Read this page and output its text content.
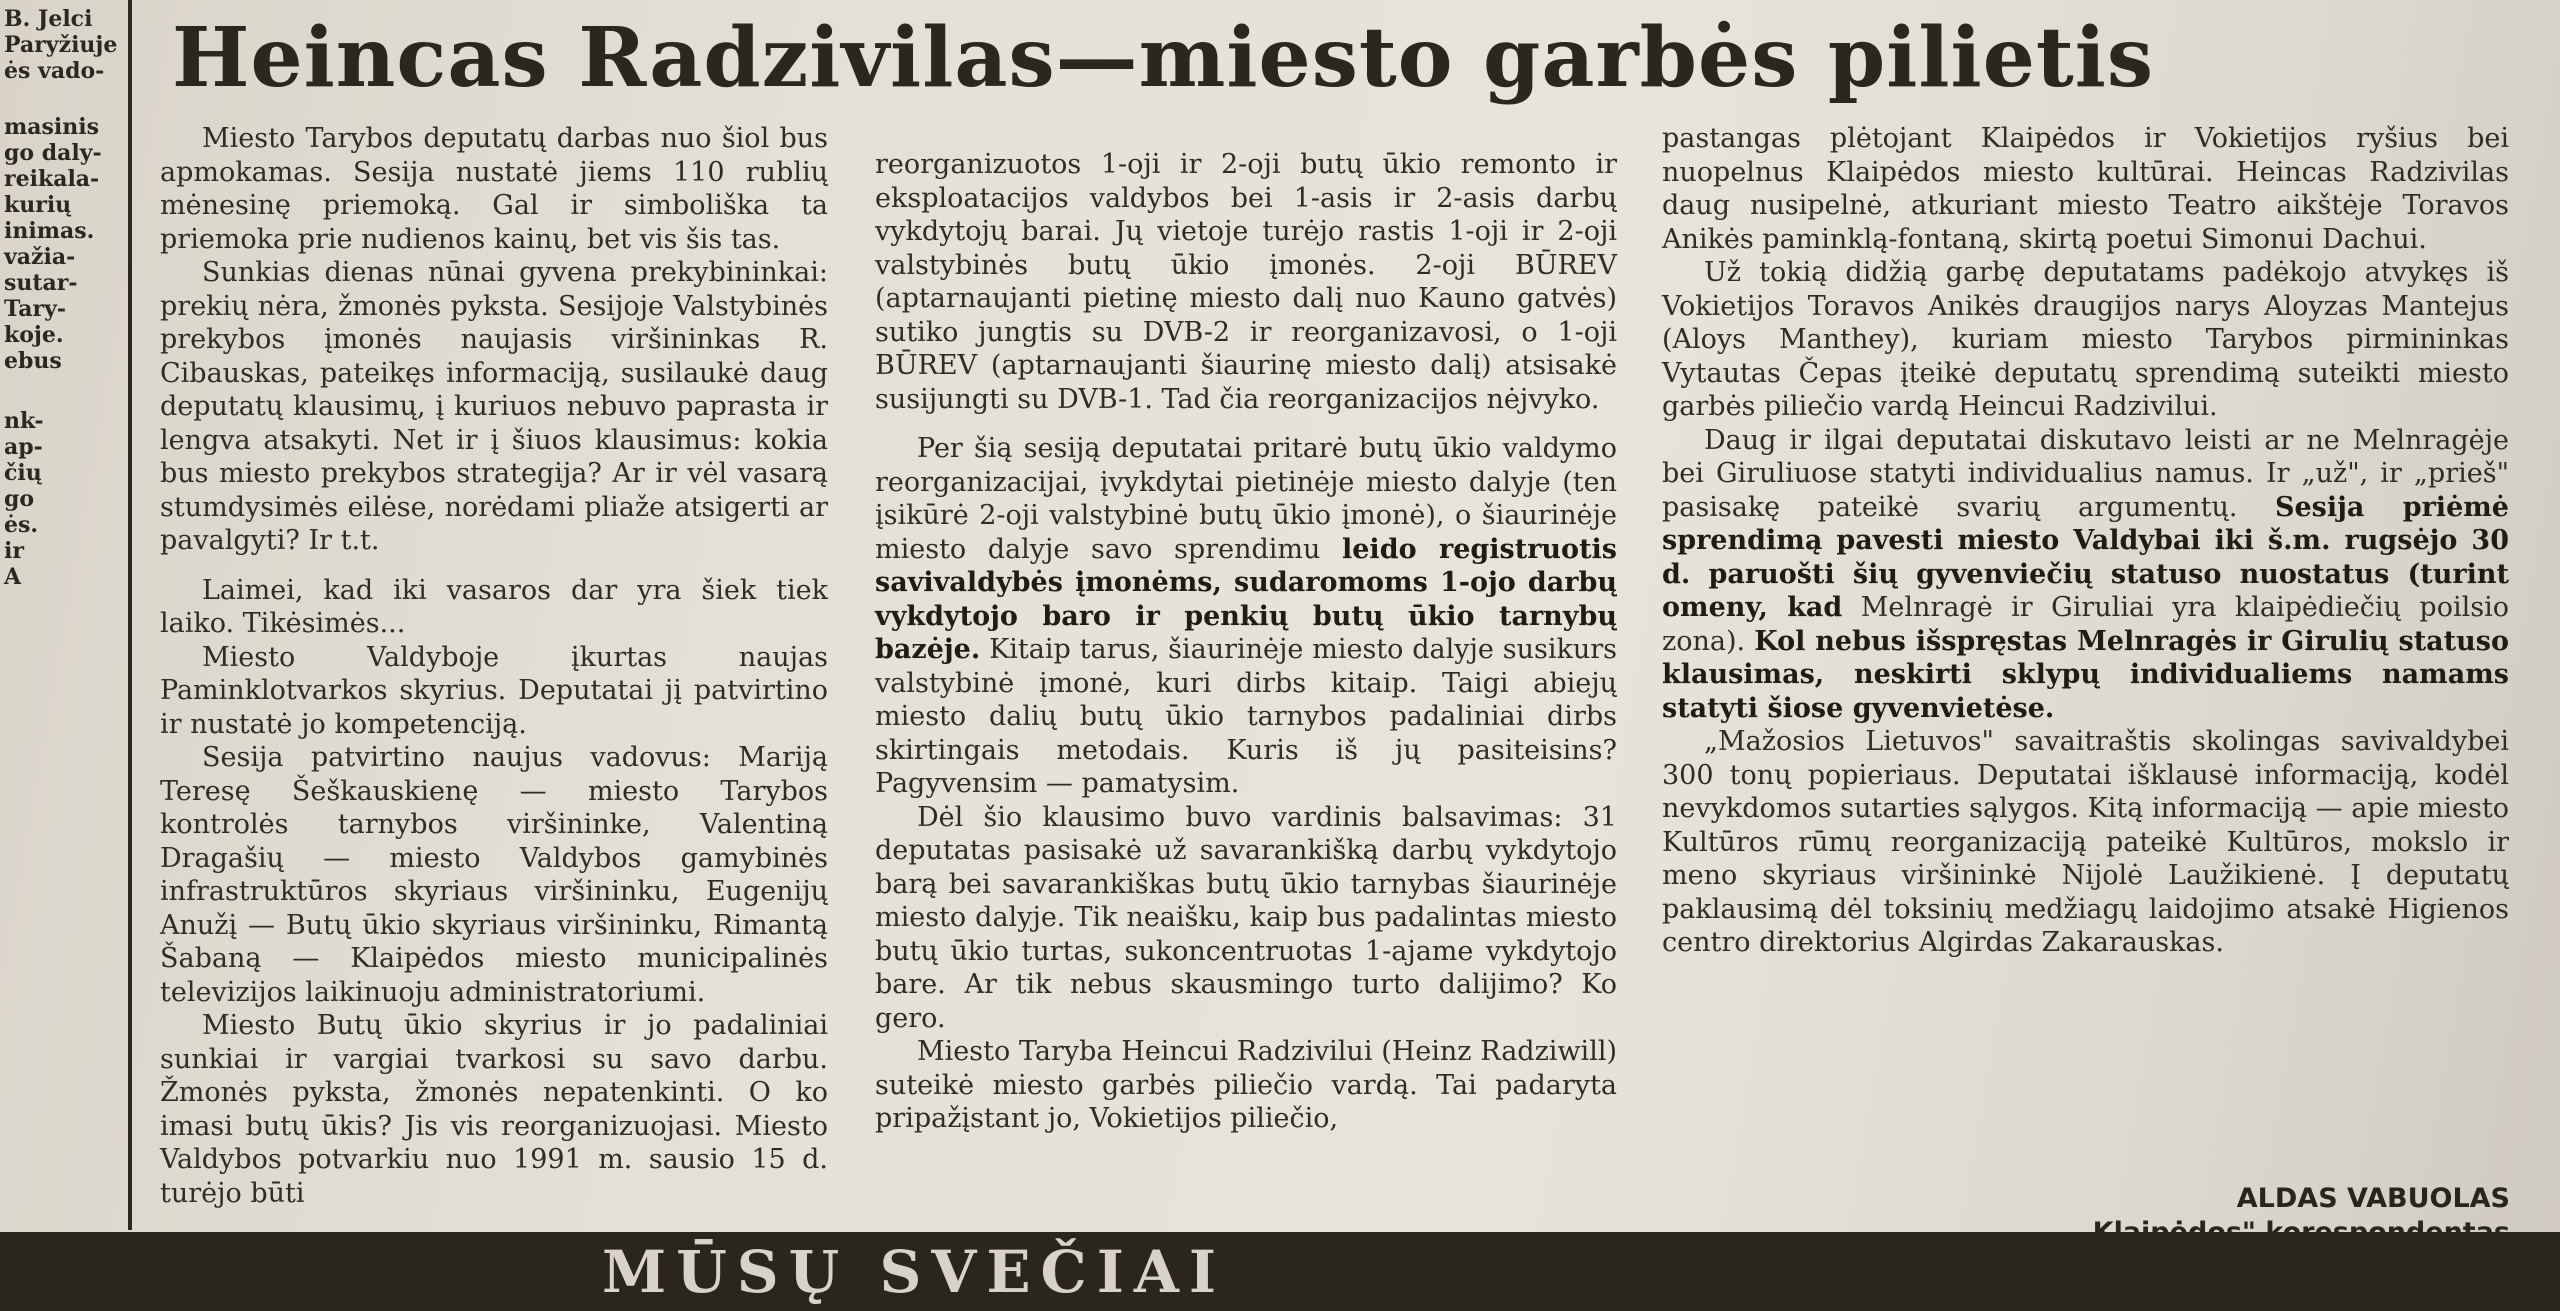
B. Jelci
Paryžiuje
ės vado-
masinis
go daly-
reikala-
kurių
inimas.
važia-
sutar-
Tary-
koje.
ebus
nk-
ap-
čių
go
ės.
ir
A
Heincas Radzivilas—miesto garbės pilietis

Miesto Tarybos deputatų darbas nuo šiol bus apmokamas. Sesija nustatė jiems 110 rublių mėnesinę priemoką. Gal ir simboliška ta priemoka prie nudienos kainų, bet vis šis tas.

Sunkias dienas nūnai gyvena prekybininkai: prekių nėra, žmonės pyksta. Sesijoje Valstybinės prekybos įmonės naujasis viršininkas R. Cibauskas, pateikęs informaciją, susilaukė daug deputatų klausimų, į kuriuos nebuvo paprasta ir lengva atsakyti. Net ir į šiuos klausimus: kokia bus miesto prekybos strategija? Ar ir vėl vasarą stumdysimės eilėse, norėdami pliaže atsigerti ar pavalgyti? Ir t.t.

Laimei, kad iki vasaros dar yra šiek tiek laiko. Tikėsimės...

Miesto Valdyboje įkurtas naujas Paminklotvarkos skyrius. Deputatai jį patvirtino ir nustatė jo kompetenciją.

Sesija patvirtino naujus vadovus: Mariją Teresę Šeškauskienę — miesto Tarybos kontrolės tarnybos viršininke, Valentiną Dragašių — miesto Valdybos gamybinės infrastruktūros skyriaus viršininku, Eugenijų Anužį — Butų ūkio skyriaus viršininku, Rimantą Šabaną — Klaipėdos miesto municipalinės televizijos laikinuoju administratoriumi.

Miesto Butų ūkio skyrius ir jo padaliniai sunkiai ir vargiai tvarkosi su savo darbu. Žmonės pyksta, žmonės nepatenkinti. O ko imasi butų ūkis? Jis vis reorganizuojasi. Miesto Valdybos potvarkiu nuo 1991 m. sausio 15 d. turėjo būti

reorganizuotos 1-oji ir 2-oji butų ūkio remonto ir eksploatacijos valdybos bei 1-asis ir 2-asis darbų vykdytojų barai. Jų vietoje turėjo rastis 1-oji ir 2-oji valstybinės butų ūkio įmonės. 2-oji BŪREV (aptarnaujanti pietinę miesto dalį nuo Kauno gatvės) sutiko jungtis su DVB-2 ir reorganizavosi, o 1-oji BŪREV (aptarnaujanti šiaurinę miesto dalį) atsisakė susijungti su DVB-1. Tad čia reorganizacijos nėjvyko.

Per šią sesiją deputatai pritarė butų ūkio valdymo reorganizacijai, įvykdytai pietinėje miesto dalyje (ten įsikūrė 2-oji valstybinė butų ūkio įmonė), o šiaurinėje miesto dalyje savo sprendimu leido registruotis savivaldybės įmonėms, sudaromoms 1-ojo darbų vykdytojo baro ir penkių butų ūkio tarnybų bazėje. Kitaip tarus, šiaurinėje miesto dalyje susikurs valstybinė įmonė, kuri dirbs kitaip. Taigi abiejų miesto dalių butų ūkio tarnybos padaliniai dirbs skirtingais metodais. Kuris iš jų pasiteisins? Pagyvensim — pamatysim.

Dėl šio klausimo buvo vardinis balsavimas: 31 deputatas pasisakė už savarankišką darbų vykdytojo barą bei savarankiškas butų ūkio tarnybas šiaurinėje miesto dalyje. Tik neaišku, kaip bus padalintas miesto butų ūkio turtas, sukoncentruotas 1-ajame vykdytojo bare. Ar tik nebus skausmingo turto dalijimo? Ko gero.

Miesto Taryba Heincui Radzivilui (Heinz Radziwill) suteikė miesto garbės piliečio vardą. Tai padaryta pripažįstant jo, Vokietijos piliečio,

pastangas plėtojant Klaipėdos ir Vokietijos ryšius bei nuopelnus Klaipėdos miesto kultūrai. Heincas Radzivilas daug nusipelnė, atkuriant miesto Teatro aikštėje Toravos Anikės paminklą-fontaną, skirtą poetui Simonui Dachui.

Už tokią didžią garbę deputatams padėkojo atvykęs iš Vokietijos Toravos Anikės draugijos narys Aloyzas Mantejus (Aloys Manthey), kuriam miesto Tarybos pirmininkas Vytautas Čepas įteikė deputatų sprendimą suteikti miesto garbės piliečio vardą Heincui Radzivilui.

Daug ir ilgai deputatai diskutavo leisti ar ne Melnragėje bei Giruliuose statyti individualius namus. Ir „už", ir „prieš" pasisakę pateikė svarių argumentų. Sesija priėmė sprendimą pavesti miesto Valdybai iki š.m. rugsėjo 30 d. paruošti šių gyvenviečių statuso nuostatus (turint omeny, kad Melnragė ir Giruliai yra klaipėdiečių poilsio zona). Kol nebus išspręstas Melnragės ir Girulių statuso klausimas, neskirti sklypų individualiems namams statyti šiose gyvenvietėse.

„Mažosios Lietuvos" savaitraštis skolingas savivaldybei 300 tonų popieriaus. Deputatai išklausė informaciją, kodėl nevykdomos sutarties sąlygos. Kitą informaciją — apie miesto Kultūros rūmų reorganizaciją pateikė Kultūros, mokslo ir meno skyriaus viršininkė Nijolė Laužikienė. Į deputatų paklausimą dėl toksinių medžiagų laidojimo atsakė Higienos centro direktorius Algirdas Zakarauskas.

ALDAS VABUOLAS
MŪSŲ SVEČIAI
